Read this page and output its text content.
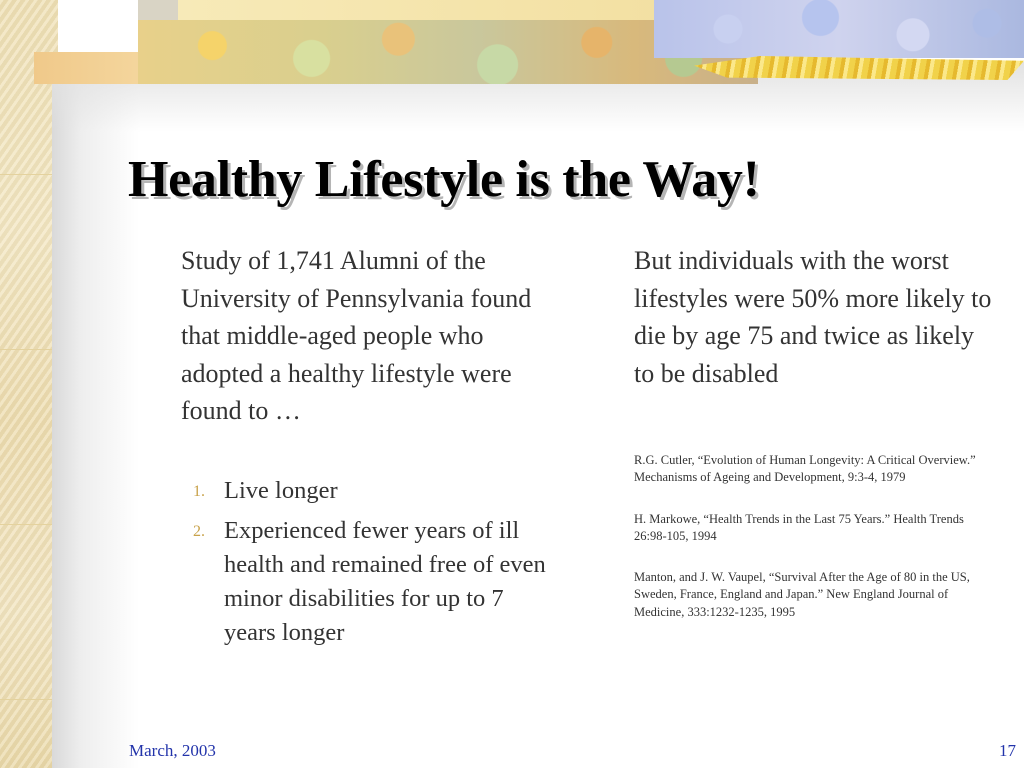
Healthy Lifestyle is the Way!
Study of 1,741 Alumni of the University of Pennsylvania found that middle-aged people who adopted a healthy lifestyle were found to …
1. Live longer
2. Experienced fewer years of ill health and remained free of even minor disabilities for up to 7 years longer
But individuals with the worst lifestyles were 50% more likely to die by age 75 and twice as likely to be disabled

R.G. Cutler, “Evolution of Human Longevity: A Critical Overview.” Mechanisms of Ageing and Development, 9:3-4, 1979

H. Markowe, “Health Trends in the Last 75 Years.” Health Trends 26:98-105, 1994

Manton, and J. W. Vaupel, “Survival After the Age of 80 in the US, Sweden, France, England and Japan.” New England Journal of Medicine, 333:1232-1235, 1995

March, 2003	17
